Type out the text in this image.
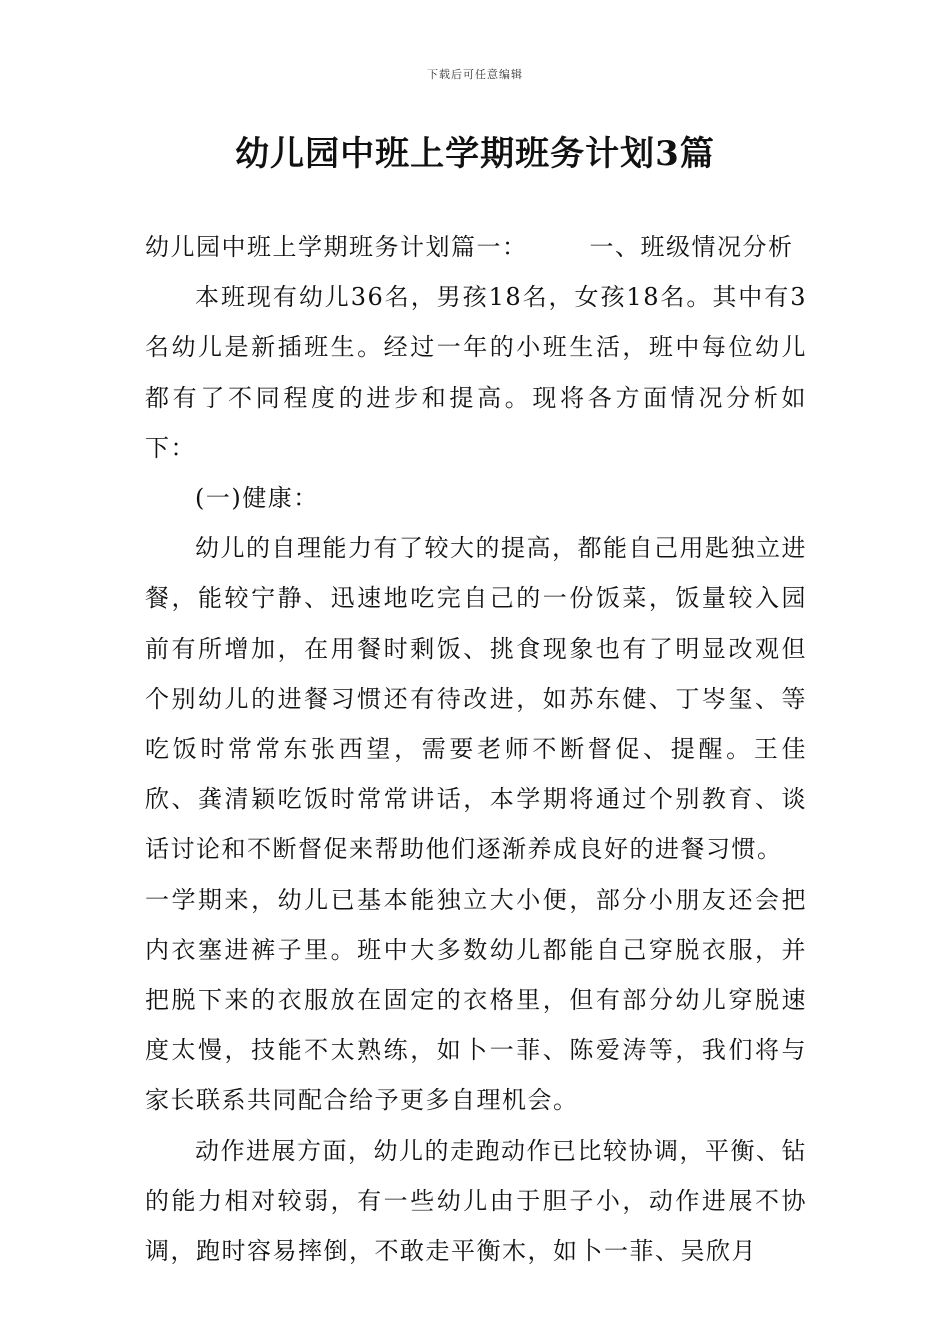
下载后可任意编辑
幼儿园中班上学期班务计划3篇

幼儿园中班上学期班务计划篇一：	一、班级情况分析

本班现有幼儿36名，男孩18名，女孩18名。其中有3名幼儿是新插班生。经过一年的小班生活，班中每位幼儿都有了不同程度的进步和提高。现将各方面情况分析如下：

(一)健康：

幼儿的自理能力有了较大的提高，都能自己用匙独立进餐，能较宁静、迅速地吃完自己的一份饭菜，饭量较入园前有所增加，在用餐时剩饭、挑食现象也有了明显改观但个别幼儿的进餐习惯还有待改进，如苏东健、丁岑玺、等吃饭时常常东张西望，需要老师不断督促、提醒。王佳欣、龚清颖吃饭时常常讲话，本学期将通过个别教育、谈话讨论和不断督促来帮助他们逐渐养成良好的进餐习惯。

一学期来，幼儿已基本能独立大小便，部分小朋友还会把内衣塞进裤子里。班中大多数幼儿都能自己穿脱衣服，并把脱下来的衣服放在固定的衣格里，但有部分幼儿穿脱速度太慢，技能不太熟练，如卜一菲、陈爱涛等，我们将与家长联系共同配合给予更多自理机会。

动作进展方面，幼儿的走跑动作已比较协调，平衡、钻的能力相对较弱，有一些幼儿由于胆子小，动作进展不协调，跑时容易摔倒，不敢走平衡木，如卜一菲、吴欣月
